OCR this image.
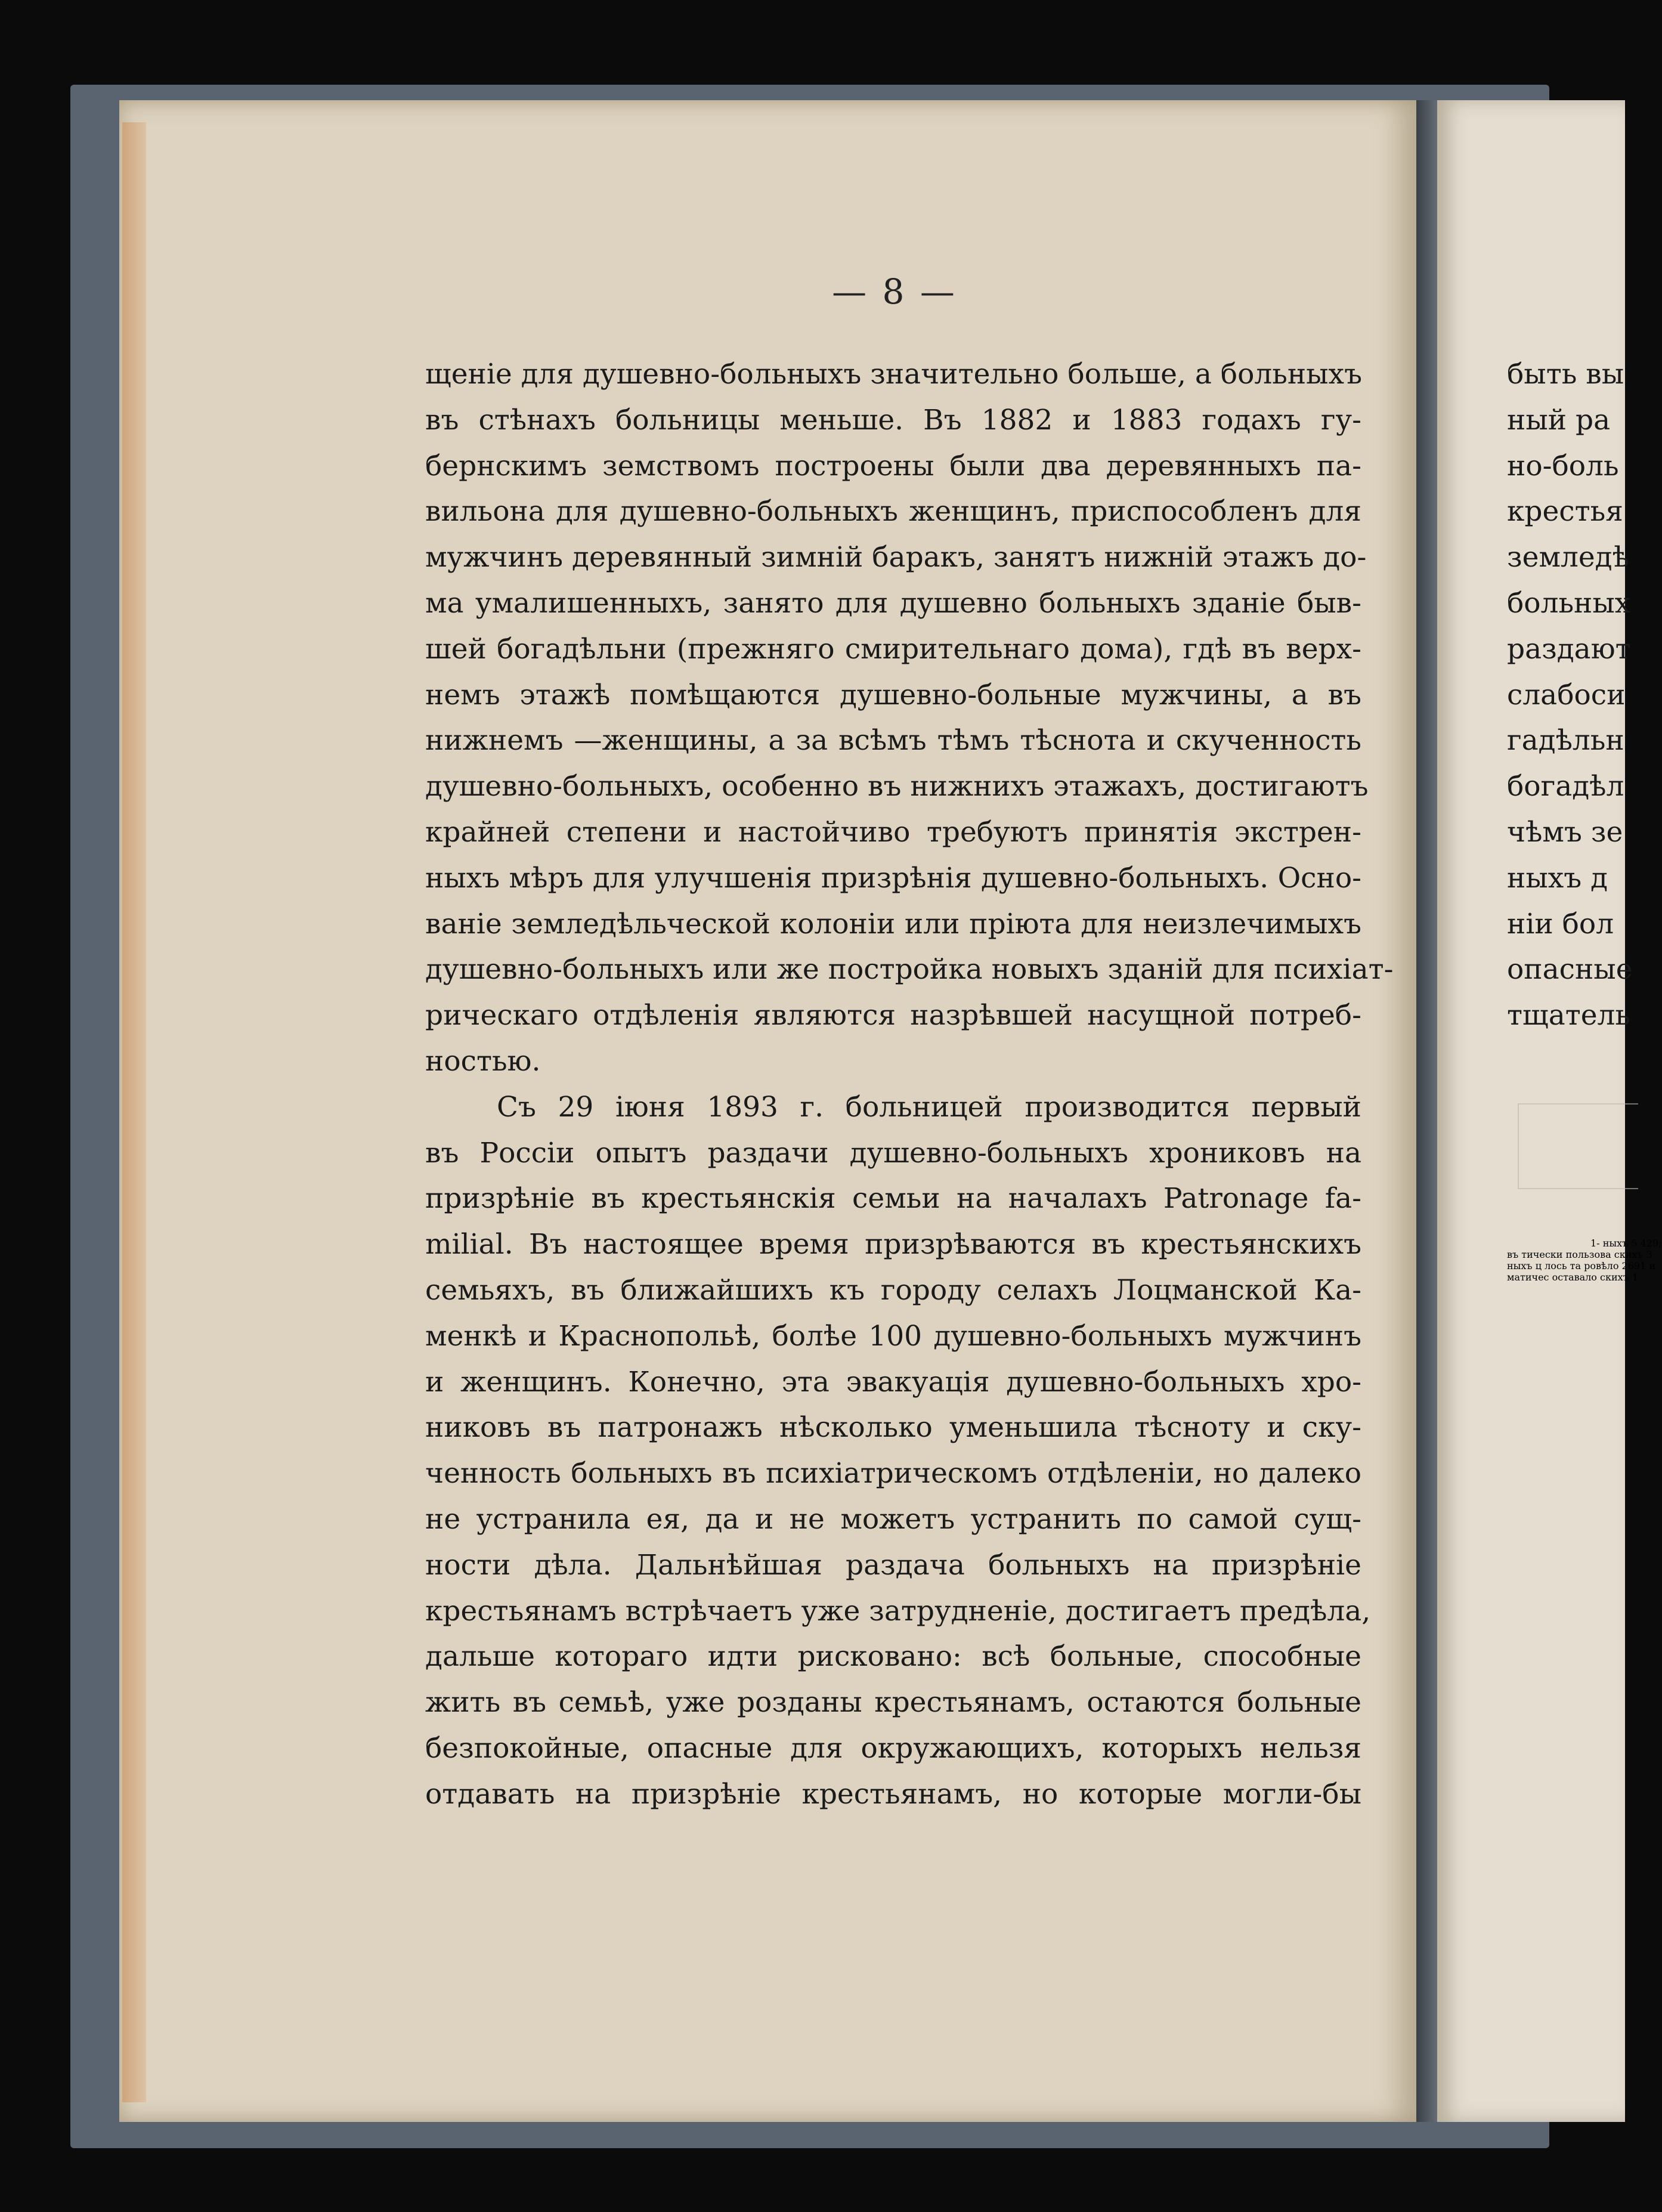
— 8 —
щеніе для душевно-больныхъ значительно больше, а больныхъ
въ стѣнахъ больницы меньше. Въ 1882 и 1883 годахъ гу-
бернскимъ земствомъ построены были два деревянныхъ па-
вильона для душевно-больныхъ женщинъ, приспособленъ для
мужчинъ деревянный зимній баракъ, занятъ нижній этажъ до-
ма умалишенныхъ, занято для душевно больныхъ зданіе быв-
шей богадѣльни (прежняго смирительнаго дома), гдѣ въ верх-
немъ этажѣ помѣщаются душевно-больные мужчины, а въ
нижнемъ —женщины, а за всѣмъ тѣмъ тѣснота и скученность
душевно-больныхъ, особенно въ нижнихъ этажахъ, достигаютъ
крайней степени и настойчиво требуютъ принятія экстрен-
ныхъ мѣръ для улучшенія призрѣнія душевно-больныхъ. Осно-
ваніе земледѣльческой колоніи или пріюта для неизлечимыхъ
душевно-больныхъ или же постройка новыхъ зданій для психіат-
рическаго отдѣленія являются назрѣвшей насущной потреб-
ностью.
Съ 29 іюня 1893 г. больницей производится первый
въ Россіи опытъ раздачи душевно-больныхъ хрониковъ на
призрѣніе въ крестьянскія семьи на началахъ Patronage fa-
milial. Въ настоящее время призрѣваются въ крестьянскихъ
семьяхъ, въ ближайшихъ къ городу селахъ Лоцманской Ка-
менкѣ и Краснопольѣ, болѣе 100 душевно-больныхъ мужчинъ
и женщинъ. Конечно, эта эвакуація душевно-больныхъ хро-
никовъ въ патронажъ нѣсколько уменьшила тѣсноту и ску-
ченность больныхъ въ психіатрическомъ отдѣленіи, но далеко
не устранила ея, да и не можетъ устранить по самой сущ-
ности дѣла. Дальнѣйшая раздача больныхъ на призрѣніе
крестьянамъ встрѣчаетъ уже затрудненіе, достигаетъ предѣла,
дальше котораго идти рисковано: всѣ больные, способные
жить въ семьѣ, уже розданы крестьянамъ, остаются больные
безпокойные, опасные для окружающихъ, которыхъ нельзя
отдавать на призрѣніе крестьянамъ, но которые могли-бы
быть вы
ный ра
но-боль
крестья
земледѣ
больных
раздают
слабоси
гадѣльн
богадѣл
чѣмъ зе
ныхъ д
ніи бол
опасные
тщатель
1- ныхъ 5 429; въ тически пользова скихъ З ныхъ ц лось та ровѣло 2691 и матичес оставало скихъ 1
